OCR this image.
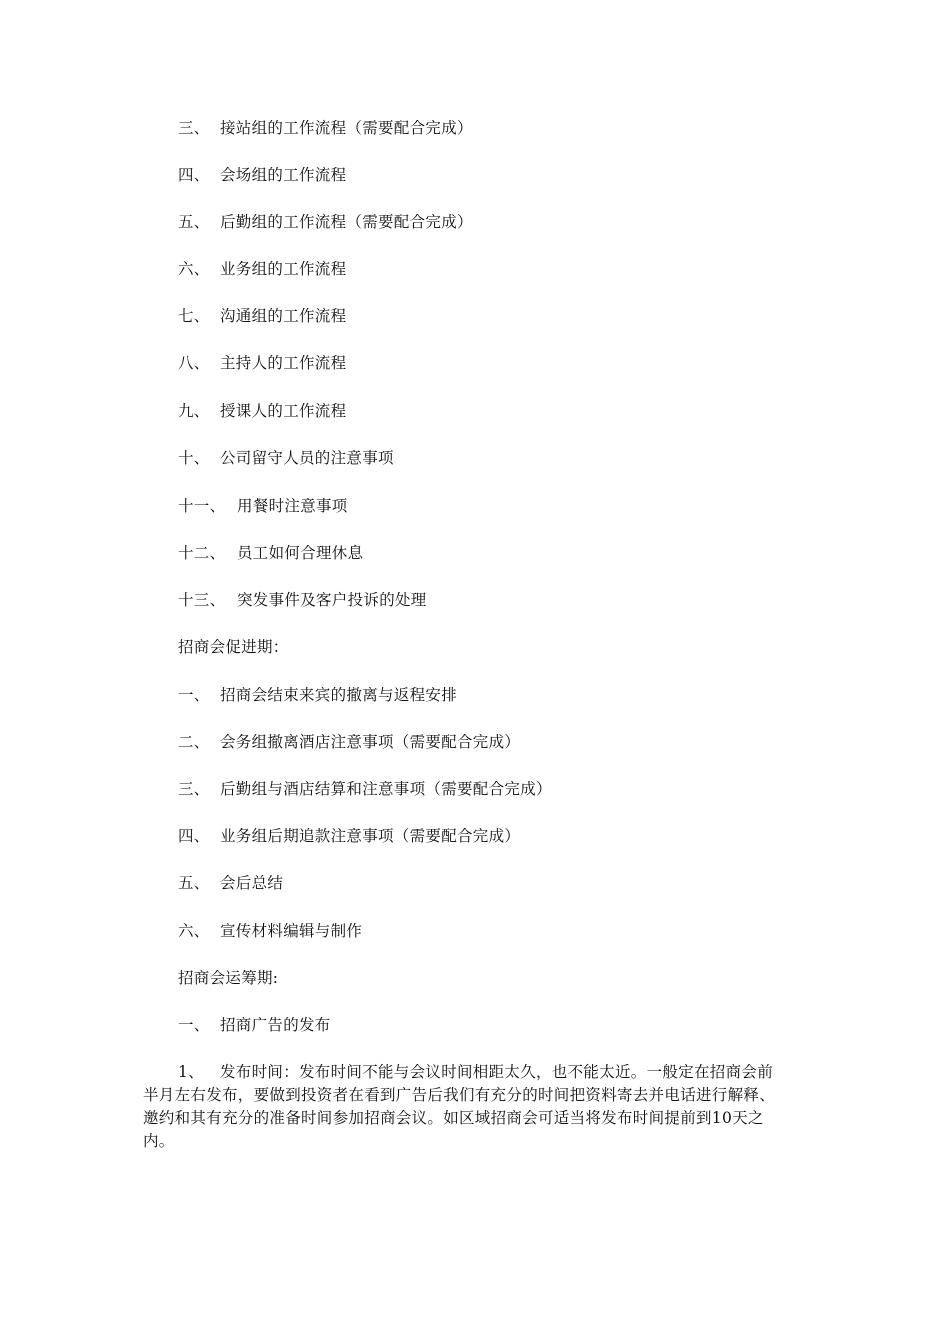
三、 接站组的工作流程（需要配合完成）
四、 会场组的工作流程
五、 后勤组的工作流程（需要配合完成）
六、 业务组的工作流程
七、 沟通组的工作流程
八、 主持人的工作流程
九、 授课人的工作流程
十、 公司留守人员的注意事项
十一、 用餐时注意事项
十二、 员工如何合理休息
十三、 突发事件及客户投诉的处理
招商会促进期：
一、 招商会结束来宾的撤离与返程安排
二、 会务组撤离酒店注意事项（需要配合完成）
三、 后勤组与酒店结算和注意事项（需要配合完成）
四、 业务组后期追款注意事项（需要配合完成）
五、 会后总结
六、 宣传材料编辑与制作
招商会运筹期:
一、 招商广告的发布
1、 发布时间：发布时间不能与会议时间相距太久，也不能太近。一般定在招商会前
半月左右发布，要做到投资者在看到广告后我们有充分的时间把资料寄去并电话进行解释、
邀约和其有充分的准备时间参加招商会议。如区域招商会可适当将发布时间提前到10天之
内。
